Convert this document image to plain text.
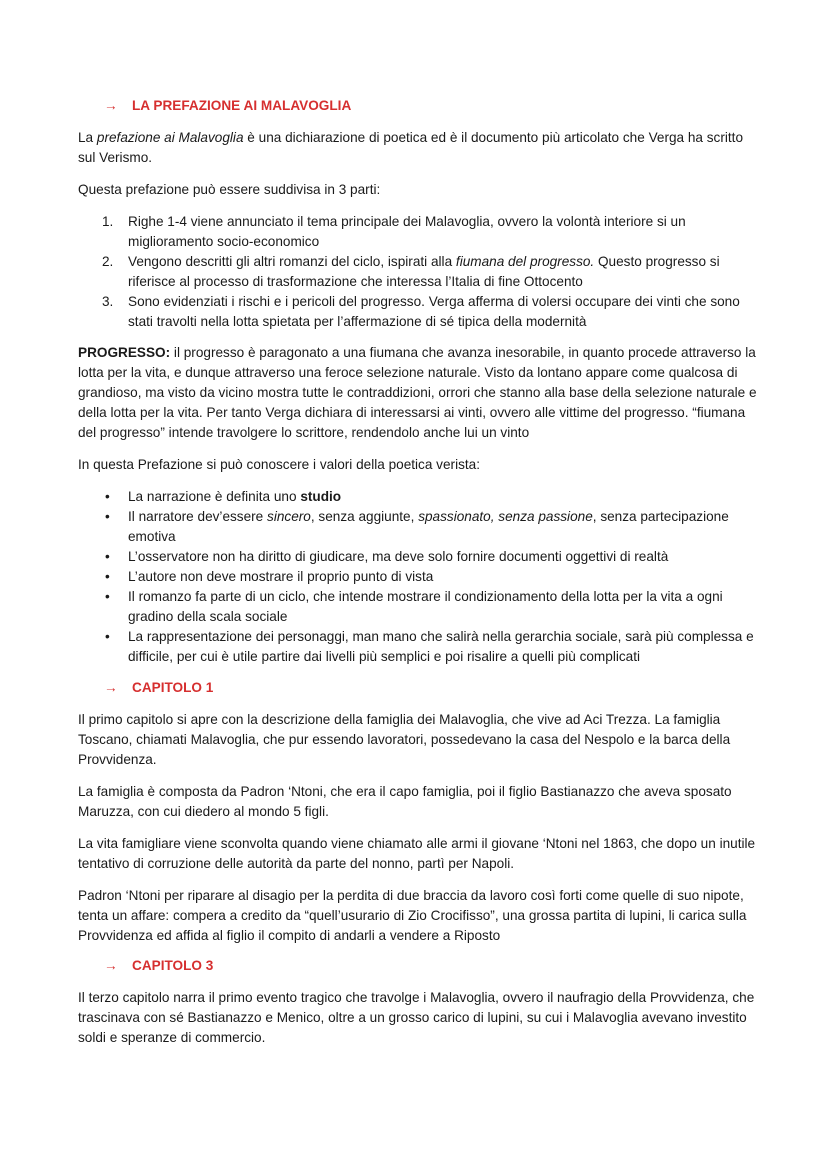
→	LA PREFAZIONE AI MALAVOGLIA

La prefazione ai Malavoglia è una dichiarazione di poetica ed è il documento più articolato che Verga ha scritto sul Verismo.

Questa prefazione può essere suddivisa in 3 parti:

1. Righe 1-4 viene annunciato il tema principale dei Malavoglia, ovvero la volontà interiore si un miglioramento socio-economico
2. Vengono descritti gli altri romanzi del ciclo, ispirati alla fiumana del progresso. Questo progresso si riferisce al processo di trasformazione che interessa l’Italia di fine Ottocento
3. Sono evidenziati i rischi e i pericoli del progresso. Verga afferma di volersi occupare dei vinti che sono stati travolti nella lotta spietata per l’affermazione di sé tipica della modernità

PROGRESSO: il progresso è paragonato a una fiumana che avanza inesorabile, in quanto procede attraverso la lotta per la vita, e dunque attraverso una feroce selezione naturale. Visto da lontano appare come qualcosa di grandioso, ma visto da vicino mostra tutte le contraddizioni, orrori che stanno alla base della selezione naturale e della lotta per la vita. Per tanto Verga dichiara di interessarsi ai vinti, ovvero alle vittime del progresso. “fiumana del progresso” intende travolgere lo scrittore, rendendolo anche lui un vinto

In questa Prefazione si può conoscere i valori della poetica verista:

• La narrazione è definita uno studio
• Il narratore dev’essere sincero, senza aggiunte, spassionato, senza passione, senza partecipazione emotiva
• L’osservatore non ha diritto di giudicare, ma deve solo fornire documenti oggettivi di realtà
• L’autore non deve mostrare il proprio punto di vista
• Il romanzo fa parte di un ciclo, che intende mostrare il condizionamento della lotta per la vita a ogni gradino della scala sociale
• La rappresentazione dei personaggi, man mano che salirà nella gerarchia sociale, sarà più complessa e difficile, per cui è utile partire dai livelli più semplici e poi risalire a quelli più complicati
→	CAPITOLO 1

Il primo capitolo si apre con la descrizione della famiglia dei Malavoglia, che vive ad Aci Trezza. La famiglia Toscano, chiamati Malavoglia, che pur essendo lavoratori, possedevano la casa del Nespolo e la barca della Provvidenza.

La famiglia è composta da Padron ‘Ntoni, che era il capo famiglia, poi il figlio Bastianazzo che aveva sposato Maruzza, con cui diedero al mondo 5 figli.

La vita famigliare viene sconvolta quando viene chiamato alle armi il giovane ‘Ntoni nel 1863, che dopo un inutile tentativo di corruzione delle autorità da parte del nonno, partì per Napoli.

Padron ‘Ntoni per riparare al disagio per la perdita di due braccia da lavoro così forti come quelle di suo nipote, tenta un affare: compera a credito da “quell’usurario di Zio Crocifisso”, una grossa partita di lupini, li carica sulla Provvidenza ed affida al figlio il compito di andarli a vendere a Riposto

→	CAPITOLO 3

Il terzo capitolo narra il primo evento tragico che travolge i Malavoglia, ovvero il naufragio della Provvidenza, che trascinava con sé Bastianazzo e Menico, oltre a un grosso carico di lupini, su cui i Malavoglia avevano investito soldi e speranze di commercio.
